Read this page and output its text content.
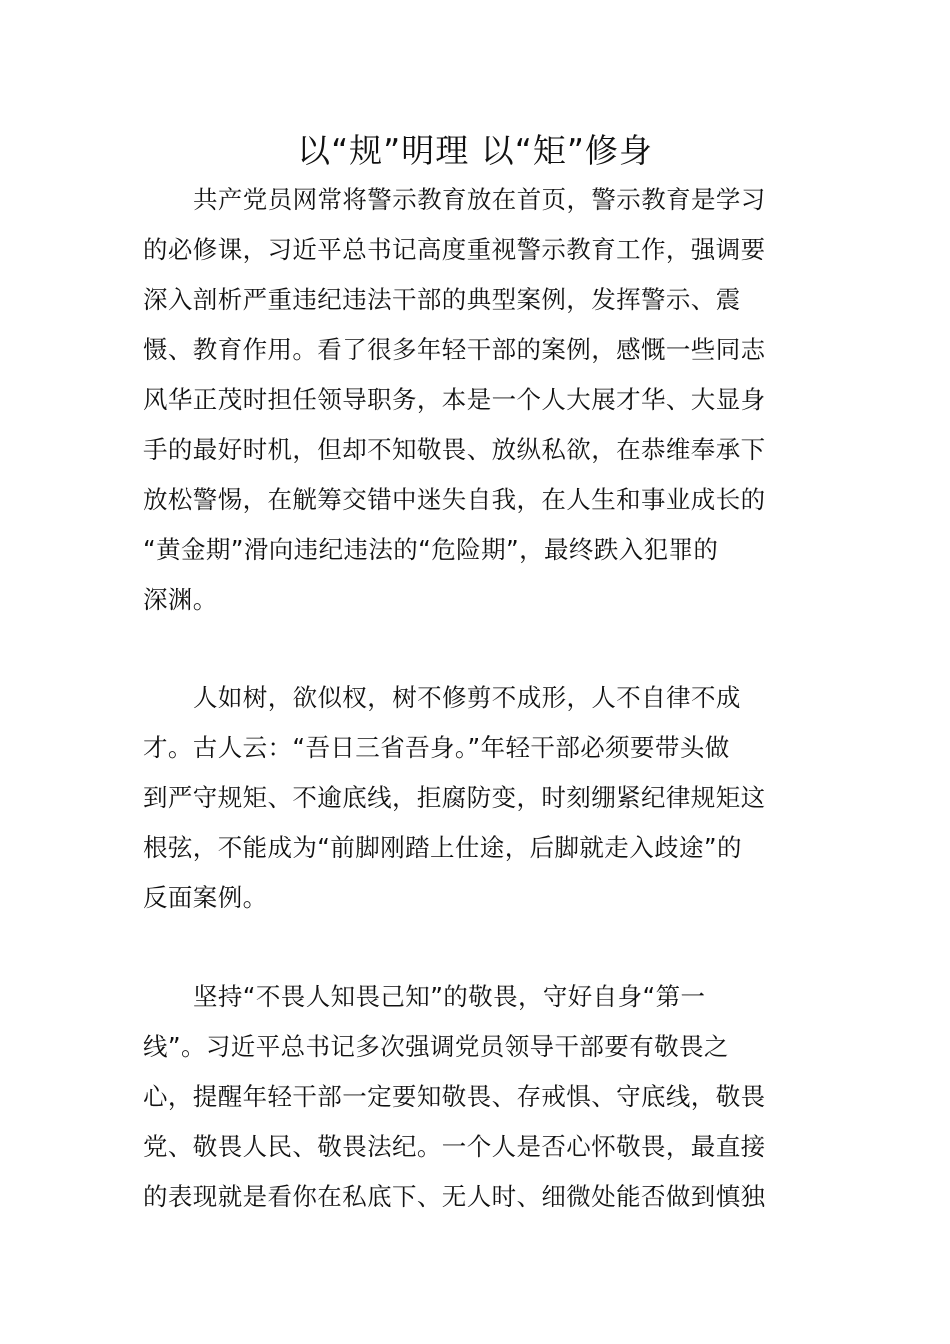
以“规”明理 以“矩”修身
共产党员网常将警示教育放在首页，警示教育是学习
的必修课，习近平总书记高度重视警示教育工作，强调要
深入剖析严重违纪违法干部的典型案例，发挥警示、震
慑、教育作用。看了很多年轻干部的案例，感慨一些同志
风华正茂时担任领导职务，本是一个人大展才华、大显身
手的最好时机，但却不知敬畏、放纵私欲，在恭维奉承下
放松警惕，在觥筹交错中迷失自我，在人生和事业成长的
“黄金期”滑向违纪违法的“危险期”，最终跌入犯罪的
深渊。
人如树，欲似杈，树不修剪不成形，人不自律不成
才。古人云：“吾日三省吾身。”年轻干部必须要带头做
到严守规矩、不逾底线，拒腐防变，时刻绷紧纪律规矩这
根弦，不能成为“前脚刚踏上仕途，后脚就走入歧途”的
反面案例。
坚持“不畏人知畏己知”的敬畏，守好自身“第一
线”。习近平总书记多次强调党员领导干部要有敬畏之
心，提醒年轻干部一定要知敬畏、存戒惧、守底线，敬畏
党、敬畏人民、敬畏法纪。一个人是否心怀敬畏，最直接
的表现就是看你在私底下、无人时、细微处能否做到慎独
